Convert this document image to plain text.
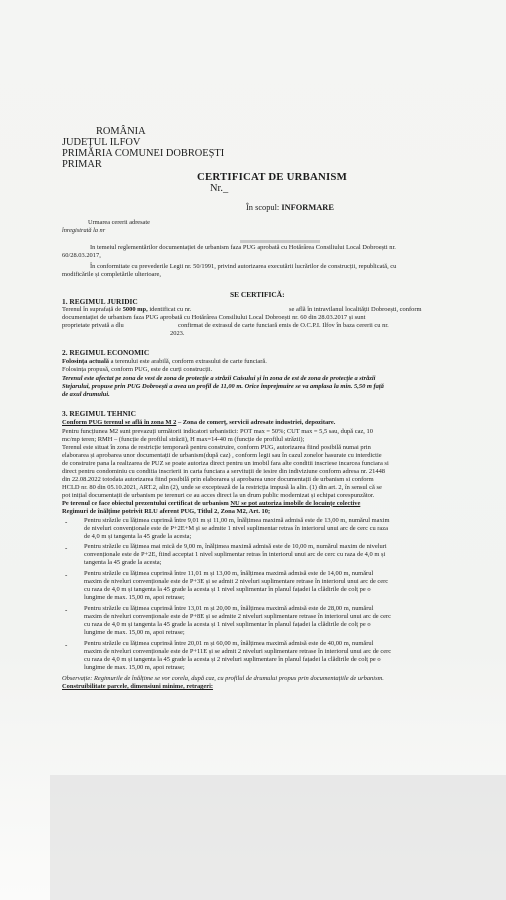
ROMÂNIA
JUDEȚUL ILFOV
PRIMĂRIA COMUNEI DOBROEȘTI
PRIMAR
CERTIFICAT DE URBANISM
Nr._
În scopul: INFORMARE
Urmarea cererii adresate
înregistrată la nr
In temeiul reglementărilor documentației de urbanism faza PUG aprobată cu Hotărârea Consiliului Local Dobroești nr.
60/28.03.2017,
În conformitate cu prevederile Legii nr. 50/1991, privind autorizarea executării lucrărilor de construcții, republicată, cu
modificările și completările ulterioare,
SE CERTIFICĂ:
1. REGIMUL JURIDIC
Terenul în suprafață de 5000 mp, identificat cu nr.	se află în intravilanul localității Dobroești, conform
documentației de urbanism faza PUG aprobată cu Hotărârea Consiliului Local Dobroești nr. 60 din 28.03.2017 și sunt
proprietate privată a dlu	confirmat de extrasul de carte funciară emis de O.C.P.I. Ilfov în baza cererii cu nr.
2023.
2. REGIMUL ECONOMIC
Folosința actuală a terenului este arabilă, conform extrasului de carte funciară.
Folosința propusă, conform PUG, este de curți construcții.
Terenul este afectat pe zona de vest de zona de protecție a străzii Caisului și în zona de est de zona de protecție a străzii
Stejarului, propuse prin PUG Dobroești a avea un profil de 11,00 m. Orice împrejmuire se va amplasa la min. 5,50 m față
de axul drumului.
3. REGIMUL TEHNIC
Conform PUG terenul se află în zona M 2 – Zona de comerț, servicii adresate industriei, depozitare.
Pentru funcțiunea M2 sunt prevazuți următorii indicatori urbanistici: POT max = 50%; CUT max = 5,5 sau, după caz, 10
mc/mp teren; RMH – (funcție de profilul străzii), H max=14-40 m (funcție de profilul străzii);
Terenul este situat în zona de restricție temporară pentru construire, conform PUG, autorizarea fiind posibilă numai prin
elaborarea și aprobarea unor documentații de urbanism(după caz) , conform legii sau în cazul zonelor hasurate cu interdictie
de construire pana la realizarea de PUZ se poate autoriza direct pentru un imobil fara alte conditii inscriese incarcea funciara si
direct pentru condominiu cu conditia inscrierii in carta funciara a servituții de iesire din indiviziune conform adresa nr. 21448
din 22.08.2022 totodata autorizarea fiind posibilă prin elaborarea și aprobarea unor documentații de urbanism si conform
HCLD nr. 80 din 05.10.2021, ART.2, alin (2), unde se exceptează de la restricția impusă la alin. (1) din art. 2, în sensul că se
pot inițial documentații de urbanism pe terenuri ce au acces direct la un drum public modernizat și echipat corespunzător.
Pe terenul ce face obiectul prezentului certificat de urbanism NU se pot autoriza imobile de locuințe colective
Regimuri de înălțime potrivit RLU aferent PUG, Titlul 2, Zona M2, Art. 10;
-	Pentru străzile cu lățimea cuprinsă între 9,01 m și 11,00 m, înălțimea maximă admisă este de 13,00 m, numărul maxim
de niveluri convenționale este de P+2E+M și se admite 1 nivel suplimentar retras în interiorul unui arc de cerc cu raza
de 4,0 m și tangenta la 45 grade la acesta;
-	Pentru străzile cu lățimea mai mică de 9,00 m, înălțimea maximă admisă este de 10,00 m, numărul maxim de niveluri
convenționale este de P+2E, fiind acceptat 1 nivel suplimentar retras în interiorul unui arc de cerc cu raza de 4,0 m și
tangenta la 45 grade la acesta;
-	Pentru străzile cu lățimea cuprinsă între 11,01 m și 13,00 m, înălțimea maximă admisă este de 14,00 m, numărul
maxim de niveluri convenționale este de P+3E și se admit 2 niveluri suplimentare retrase în interiorul unui arc de cerc
cu raza de 4,0 m și tangenta la 45 grade la acesta și 1 nivel suplimentar în planul fațadei la clădirile de colț pe o
lungime de max. 15,00 m, apoi retrase;
-	Pentru străzile cu lățimea cuprinsă între 13,01 m și 20,00 m, înălțimea maximă admisă este de 28,00 m, numărul
maxim de niveluri convenționale este de P+8E și se admite 2 niveluri suplimentare retrase în interiorul unui arc de cerc
cu raza de 4,0 m și tangenta la 45 grade la acesta și 1 nivel suplimentar în planul fațadei la clădirile de colț pe o
lungime de max. 15,00 m, apoi retrase;
-	Pentru străzile cu lățimea cuprinsă între 20,01 m și 60,00 m, înălțimea maximă admisă este de 40,00 m, numărul
maxim de niveluri convenționale este de P+11E și se admit 2 niveluri suplimentare retrase în interiorul unui arc de cerc
cu raza de 4,0 m și tangenta la 45 grade la acesta și 2 niveluri suplimentare în planul fațadei la clădirile de colț pe o
lungime de max. 15,00 m, apoi retrase;
Observație: Regimurile de înălțime se vor corela, după caz, cu profilul de drumului propus prin documentațiile de urbanism.
Construibilitate parcele, dimensiuni minime, retrageri:
